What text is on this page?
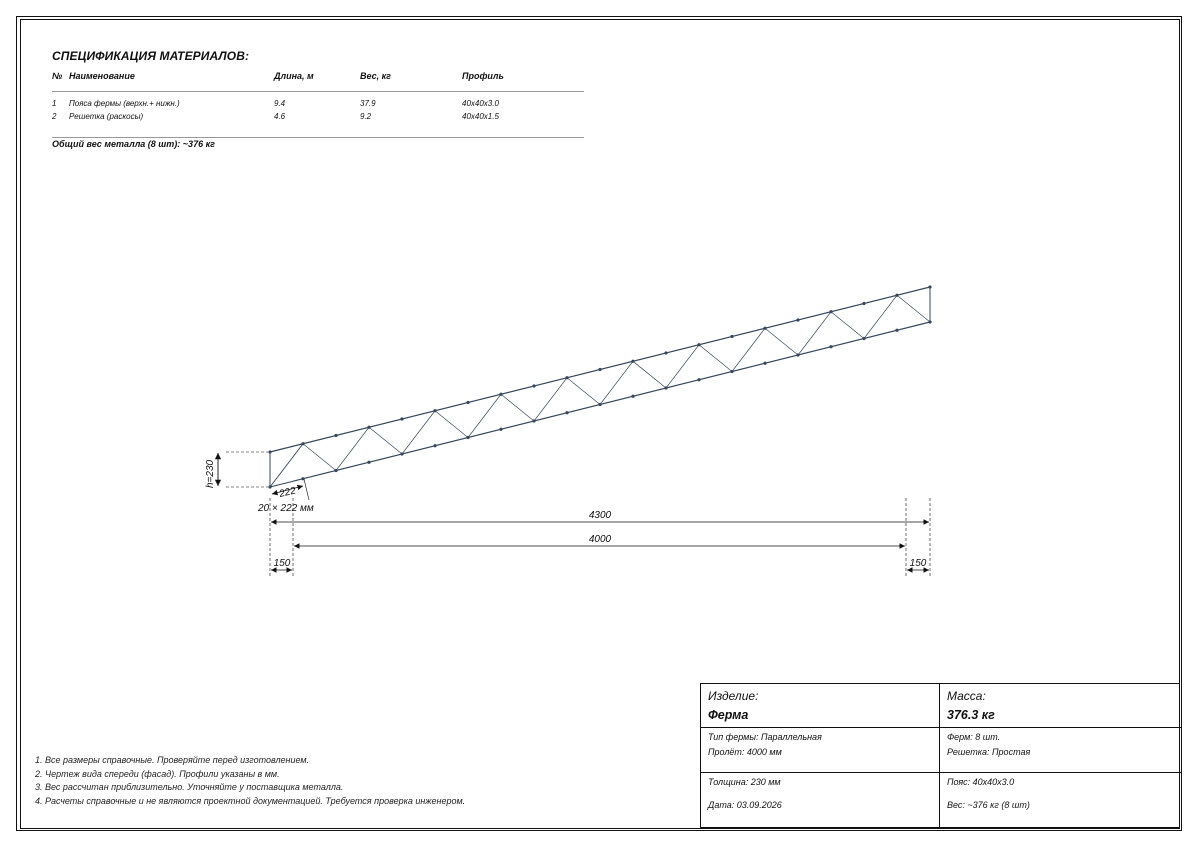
СПЕЦИФИКАЦИЯ МАТЕРИАЛОВ:
№ Наименование	Длина, м	Вес, кг	Профиль
1 Пояса фермы (верхн.+ нижн.)	9.4	37.9	40x40x3.0
2 Решетка (раскосы)	4.6	9.2	40x40x1.5
Общий вес металла (8 шт): ~376 кг
h=230
222
20 × 222 мм
4300
4000
150	150
1. Все размеры справочные. Проверяйте перед изготовлением.
2. Чертеж вида спереди (фасад). Профили указаны в мм.
3. Вес рассчитан приблизительно. Уточняйте у поставщика металла.
4. Расчеты справочные и не являются проектной документацией. Требуется проверка инженером.
Изделие:
Ферма
Масса:
376.3 кг
Тип фермы: Параллельная
Пролёт: 4000 мм
Ферм: 8 шт.
Решетка: Простая
Толщина: 230 мм	Пояс: 40x40x3.0
Дата: 03.09.2026	Вес: ~376 кг (8 шт)
